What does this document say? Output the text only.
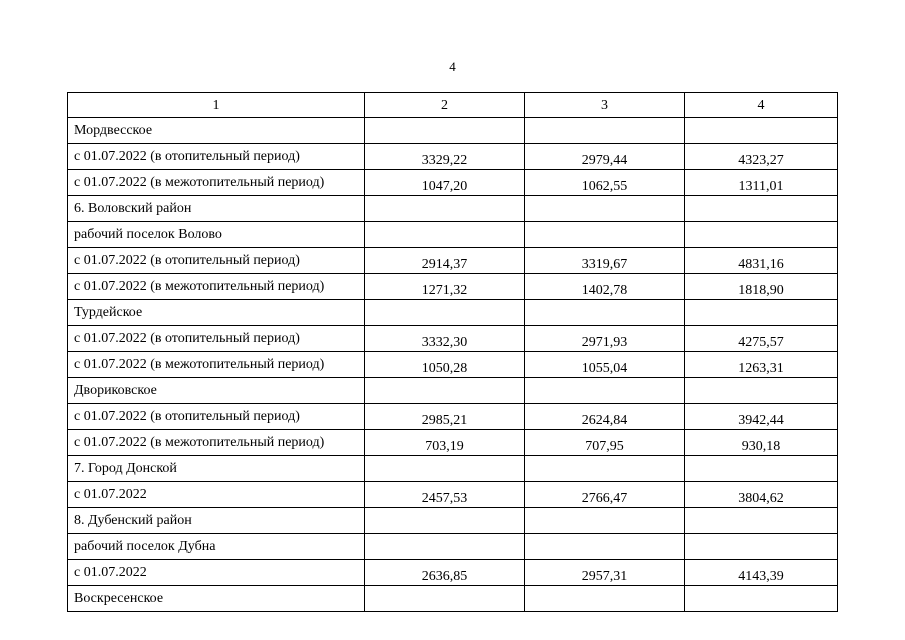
4
1	2	3	4
Мордвесское			
с 01.07.2022 (в отопительный период)	3329,22	2979,44	4323,27
с 01.07.2022 (в межотопительный период)	1047,20	1062,55	1311,01
6. Воловский район			
рабочий поселок Волово			
с 01.07.2022 (в отопительный период)	2914,37	3319,67	4831,16
с 01.07.2022 (в межотопительный период)	1271,32	1402,78	1818,90
Турдейское			
с 01.07.2022 (в отопительный период)	3332,30	2971,93	4275,57
с 01.07.2022 (в межотопительный период)	1050,28	1055,04	1263,31
Двориковское			
с 01.07.2022 (в отопительный период)	2985,21	2624,84	3942,44
с 01.07.2022 (в межотопительный период)	703,19	707,95	930,18
7. Город Донской			
с 01.07.2022	2457,53	2766,47	3804,62
8. Дубенский район			
рабочий поселок Дубна			
с 01.07.2022	2636,85	2957,31	4143,39
Воскресенское			
